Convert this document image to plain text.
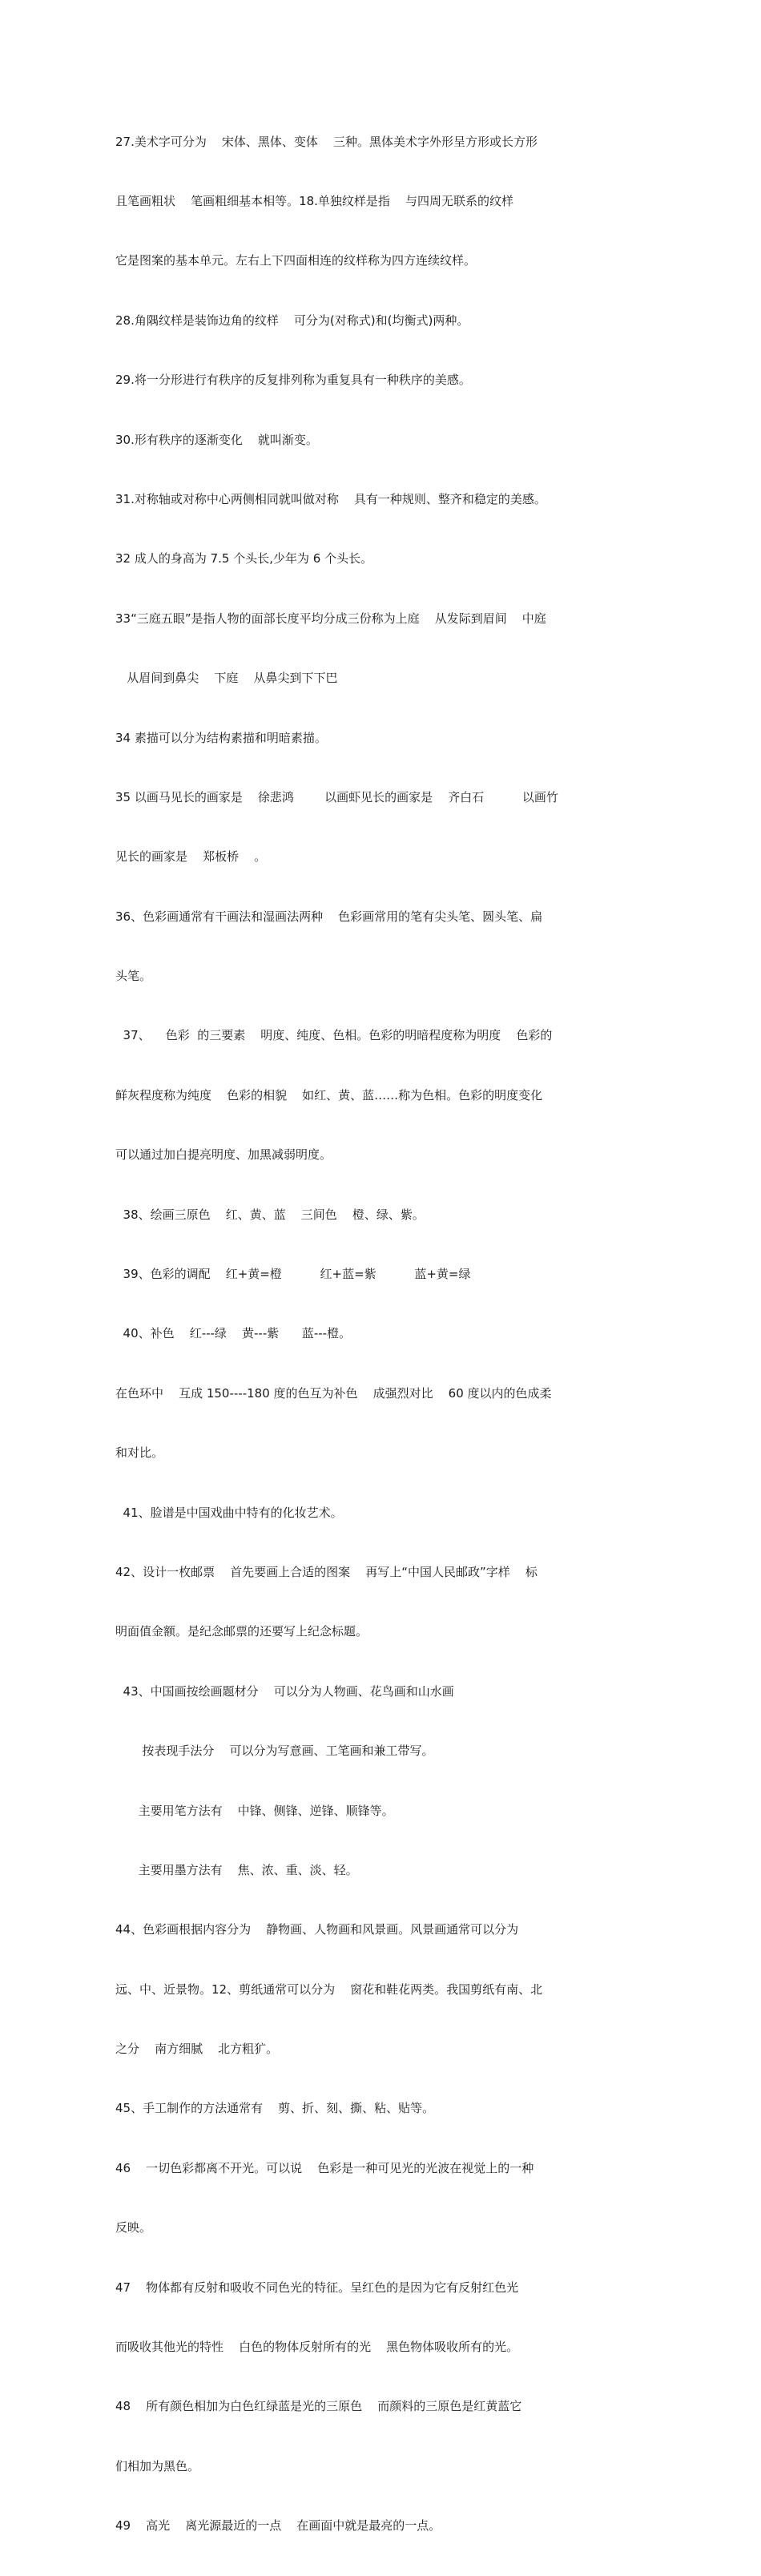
27.美术字可分为    宋体、黑体、变体    三种。黑体美术字外形呈方形或长方形

且笔画粗状    笔画粗细基本相等。18.单独纹样是指    与四周无联系的纹样

它是图案的基本单元。左右上下四面相连的纹样称为四方连续纹样。

28.角隅纹样是装饰边角的纹样    可分为(对称式)和(均衡式)两种。

29.将一分形进行有秩序的反复排列称为重复具有一种秩序的美感。

30.形有秩序的逐渐变化    就叫渐变。

31.对称轴或对称中心两侧相同就叫做对称    具有一种规则、整齐和稳定的美感。

32 成人的身高为 7.5 个头长,少年为 6 个头长。

33“三庭五眼”是指人物的面部长度平均分成三份称为上庭    从发际到眉间    中庭

从眉间到鼻尖    下庭    从鼻尖到下下巴

34 素描可以分为结构素描和明暗素描。

35 以画马见长的画家是    徐悲鸿        以画虾见长的画家是    齐白石          以画竹

见长的画家是    郑板桥    。

36、色彩画通常有干画法和湿画法两种    色彩画常用的笔有尖头笔、圆头笔、扁

头笔。

37、    色彩  的三要素    明度、纯度、色相。色彩的明暗程度称为明度    色彩的

鲜灰程度称为纯度    色彩的相貌    如红、黄、蓝……称为色相。色彩的明度变化

可以通过加白提亮明度、加黑减弱明度。

38、绘画三原色    红、黄、蓝    三间色    橙、绿、紫。

39、色彩的调配    红+黄=橙          红+蓝=紫          蓝+黄=绿

40、补色    红---绿    黄---紫      蓝---橙。

在色环中    互成 150----180 度的色互为补色    成强烈对比    60 度以内的色成柔

和对比。

41、脸谱是中国戏曲中特有的化妆艺术。

42、设计一枚邮票    首先要画上合适的图案    再写上“中国人民邮政”字样    标

明面值金额。是纪念邮票的还要写上纪念标题。

43、中国画按绘画题材分    可以分为人物画、花鸟画和山水画

按表现手法分    可以分为写意画、工笔画和兼工带写。

主要用笔方法有    中锋、侧锋、逆锋、顺锋等。

主要用墨方法有    焦、浓、重、淡、轻。

44、色彩画根据内容分为    静物画、人物画和风景画。风景画通常可以分为

远、中、近景物。12、剪纸通常可以分为    窗花和鞋花两类。我国剪纸有南、北

之分    南方细腻    北方粗犷。

45、手工制作的方法通常有    剪、折、刻、撕、粘、贴等。

46    一切色彩都离不开光。可以说    色彩是一种可见光的光波在视觉上的一种

反映。

47    物体都有反射和吸收不同色光的特征。呈红色的是因为它有反射红色光

而吸收其他光的特性    白色的物体反射所有的光    黑色物体吸收所有的光。

48    所有颜色相加为白色红绿蓝是光的三原色    而颜料的三原色是红黄蓝它

们相加为黑色。

49    高光    离光源最近的一点    在画面中就是最亮的一点。
